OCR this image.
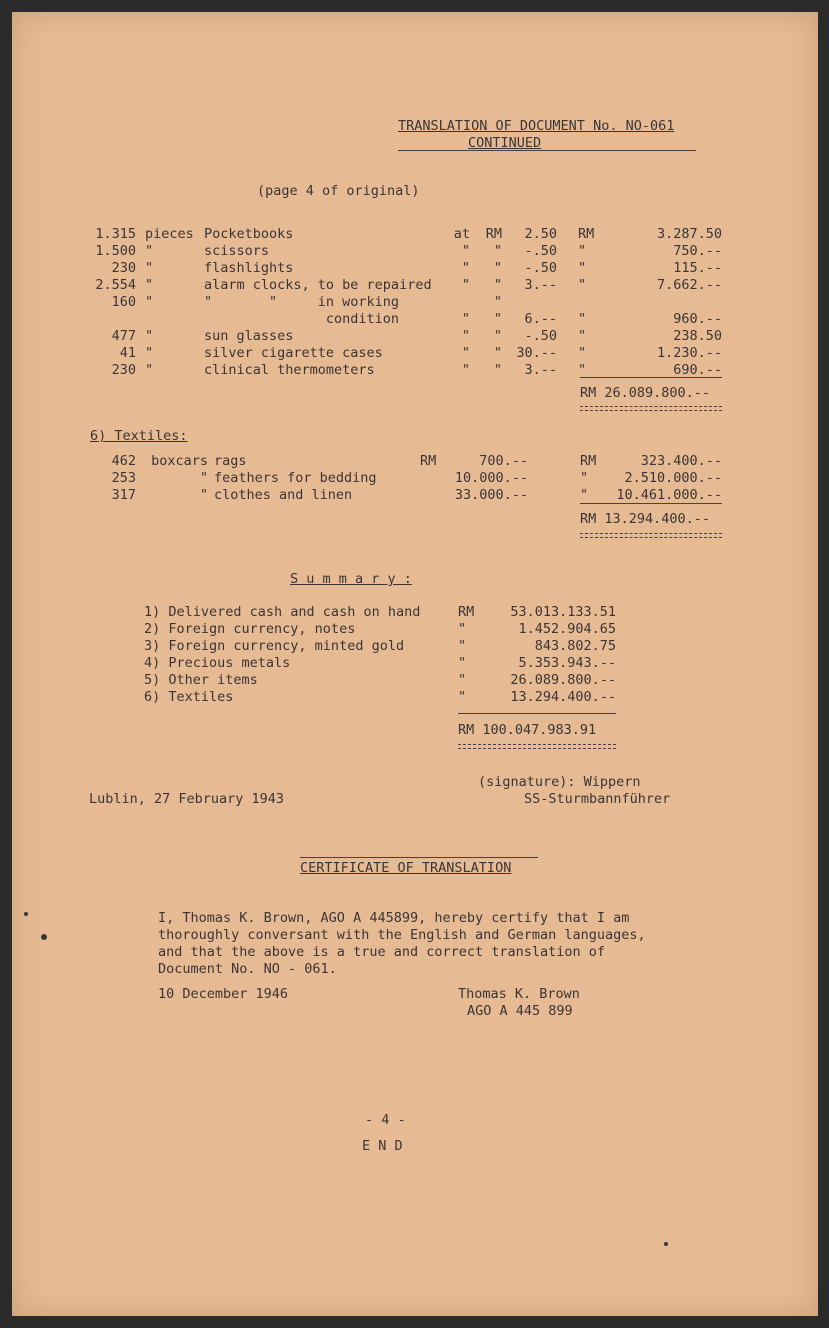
TRANSLATION OF DOCUMENT No. NO-061
CONTINUED
(page 4 of original)
1.315 pieces Pocketbooks	at	RM	2.50 RM	3.287.50
1.500 "	scissors	"	"	-.50 "	750.--
230 "	flashlights	"	"	-.50 "	115.--
2.554 "	alarm clocks, to be repaired	"	"	3.-- "	7.662.--
160 "	"       "     in working	"
condition	"	"	6.-- "	960.--
477 "	sun glasses	"	"	-.50 "	238.50
41 "	silver cigarette cases	"	"	30.-- "	1.230.--
230 "	clinical thermometers	"	"	3.-- "	690.--
RM 26.089.800.--
6) Textiles:
462	boxcars rags	RM	700.--	RM	323.400.--
253	" feathers for bedding	10.000.--	"	2.510.000.--
317	" clothes and linen	33.000.--	"	10.461.000.--
RM 13.294.400.--
S u m m a r y :
1) Delivered cash and cash on hand	RM	53.013.133.51
2) Foreign currency, notes	"	1.452.904.65
3) Foreign currency, minted gold	"	843.802.75
4) Precious metals	"	5.353.943.--
5) Other items	"	26.089.800.--
6) Textiles	"	13.294.400.--
RM 100.047.983.91
(signature): Wippern
Lublin, 27 February 1943	SS-Sturmbannführer
CERTIFICATE OF TRANSLATION
I, Thomas K. Brown, AGO A 445899, hereby certify that I am
thoroughly conversant with the English and German languages,
and that the above is a true and correct translation of
Document No. NO - 061.
10 December 1946	Thomas K. Brown
AGO A 445 899
- 4 -
E N D
